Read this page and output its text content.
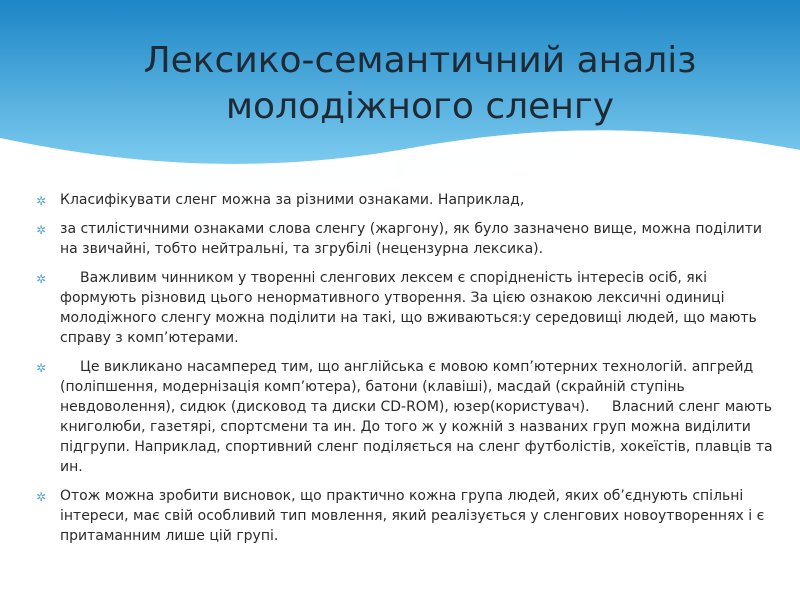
Лексико-семантичний аналіз
молодіжного сленгу
✲ Класифікувати сленг можна за різними ознаками. Наприклад,
✲ за стилістичними ознаками слова сленгу (жаргону), як було зазначено вище, можна поділити на звичайні, тобто нейтральні, та згрубілі (нецензурна лексика).
✲ Важливим чинником у творенні сленгових лексем є спорідненість інтересів осіб, які формують різновид цього ненормативного утворення. За цією ознакою лексичні одиниці молодіжного сленгу можна поділити на такі, що вживаються:у середовищі людей, що мають справу з комп’ютерами.
✲ Це викликано насамперед тим, що англійська є мовою комп’ютерних технологій. апгрейд (поліпшення, модернізація комп’ютера), батони (клавіші), масдай (скрайній ступінь невдоволення), сидюк (дисковод та диски CD-ROM), юзер(користувач).     Власний сленг мають книголюби, газетярі, спортсмени та ин. До того ж у кожній з названих груп можна виділити підгрупи. Наприклад, спортивний сленг поділяється на сленг футболістів, хокеїстів, плавців та ин.
✲ Отож можна зробити висновок, що практично кожна група людей, яких об’єднують спільні інтереси, має свій особливий тип мовлення, який реалізується у сленгових новоутвореннях і є притаманним лише цій групі.
